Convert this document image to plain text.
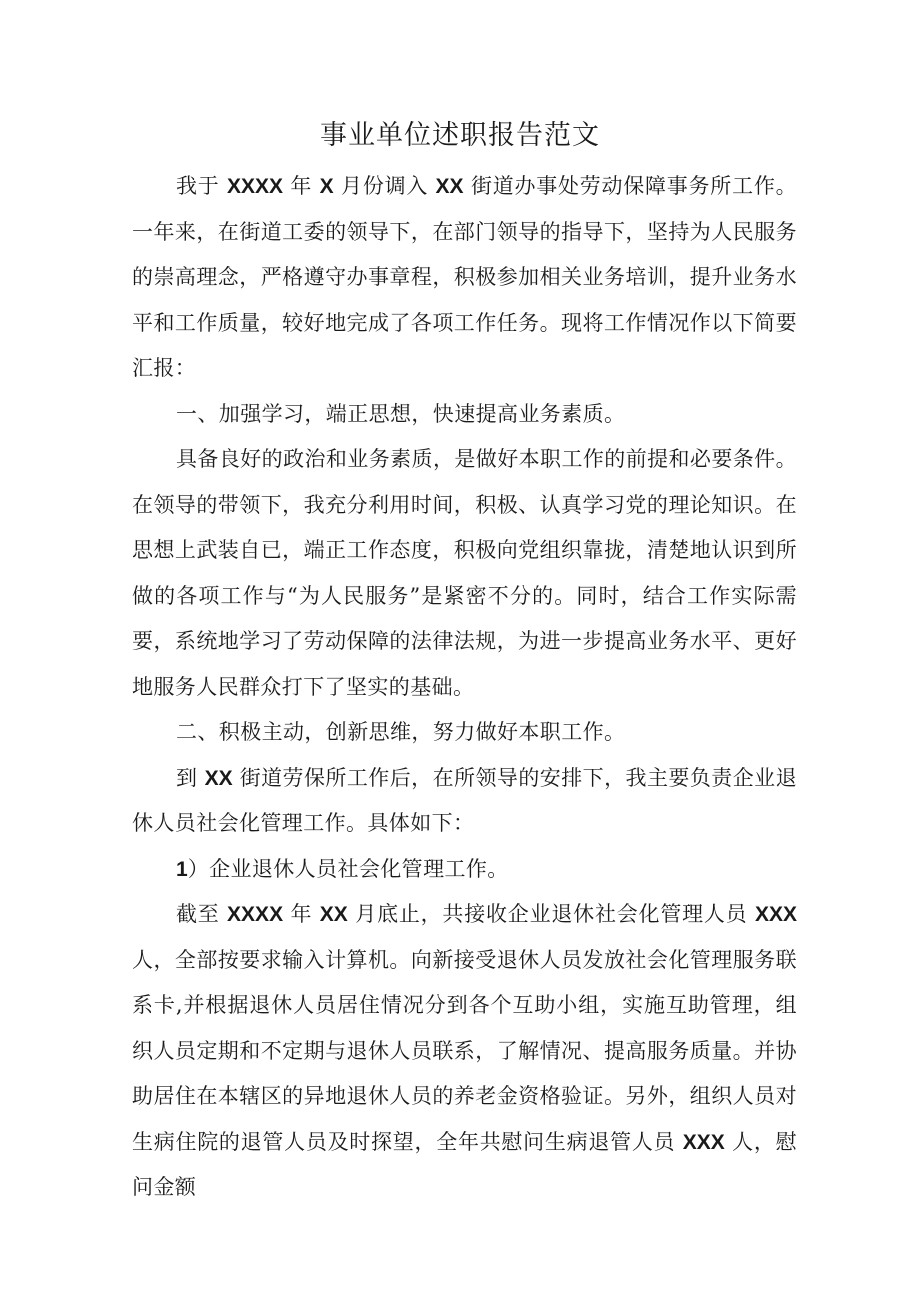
事业单位述职报告范文

我于 XXXX 年 X 月份调入 XX 街道办事处劳动保障事务所工作。一年来，在街道工委的领导下，在部门领导的指导下，坚持为人民服务的崇高理念，严格遵守办事章程，积极参加相关业务培训，提升业务水平和工作质量，较好地完成了各项工作任务。现将工作情况作以下简要汇报：

一、加强学习，端正思想，快速提高业务素质。

具备良好的政治和业务素质，是做好本职工作的前提和必要条件。在领导的带领下，我充分利用时间，积极、认真学习党的理论知识。在思想上武装自已，端正工作态度，积极向党组织靠拢，清楚地认识到所做的各项工作与“为人民服务”是紧密不分的。同时，结合工作实际需要，系统地学习了劳动保障的法律法规，为进一步提高业务水平、更好地服务人民群众打下了坚实的基础。

二、积极主动，创新思维，努力做好本职工作。

到 XX 街道劳保所工作后，在所领导的安排下，我主要负责企业退休人员社会化管理工作。具体如下：

1）企业退休人员社会化管理工作。

截至 XXXX 年 XX 月底止，共接收企业退休社会化管理人员 XXX 人，全部按要求输入计算机。向新接受退休人员发放社会化管理服务联系卡,并根据退休人员居住情况分到各个互助小组，实施互助管理，组织人员定期和不定期与退休人员联系，了解情况、提高服务质量。并协助居住在本辖区的异地退休人员的养老金资格验证。另外，组织人员对生病住院的退管人员及时探望，全年共慰问生病退管人员 XXX 人，慰问金额
